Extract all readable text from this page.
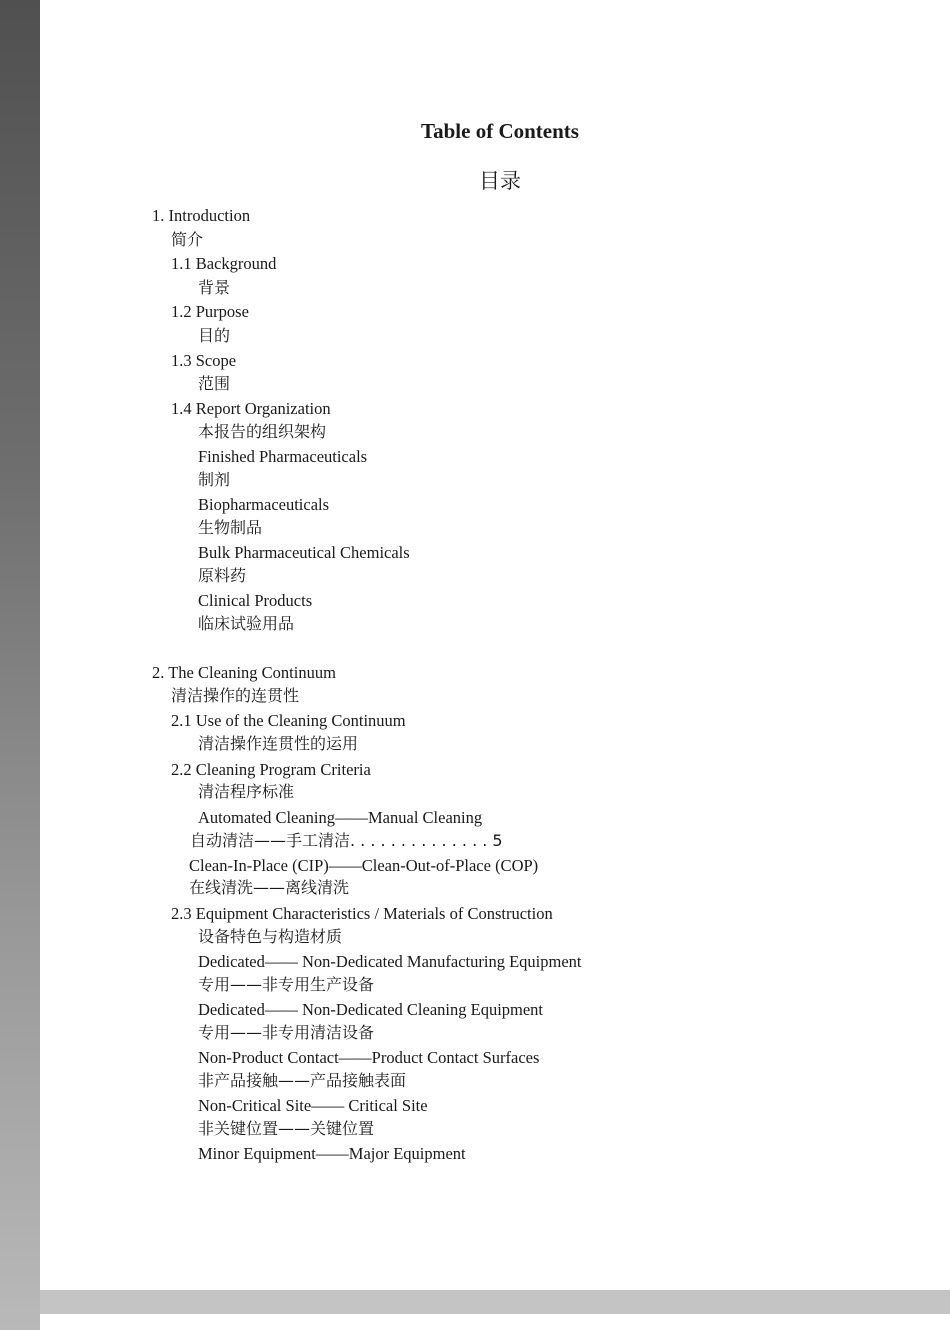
Table of Contents
目录
1. Introduction
简介
1.1 Background
背景
1.2 Purpose
目的
1.3 Scope
范围
1.4 Report Organization
本报告的组织架构
Finished Pharmaceuticals
制剂
Biopharmaceuticals
生物制品
Bulk Pharmaceutical Chemicals
原料药
Clinical Products
临床试验用品
2. The Cleaning Continuum
清洁操作的连贯性
2.1 Use of the Cleaning Continuum
清洁操作连贯性的运用
2.2 Cleaning Program Criteria
清洁程序标准
Automated Cleaning——Manual Cleaning
自动清洁——手工清洁. . . . . . . . . . . . . . 5
Clean-In-Place (CIP)——Clean-Out-of-Place (COP)
在线清洗——离线清洗
2.3 Equipment Characteristics / Materials of Construction
设备特色与构造材质
Dedicated—— Non-Dedicated Manufacturing Equipment
专用——非专用生产设备
Dedicated—— Non-Dedicated Cleaning Equipment
专用——非专用清洁设备
Non-Product Contact——Product Contact Surfaces
非产品接触——产品接触表面
Non-Critical Site—— Critical Site
非关键位置——关键位置
Minor Equipment——Major Equipment
